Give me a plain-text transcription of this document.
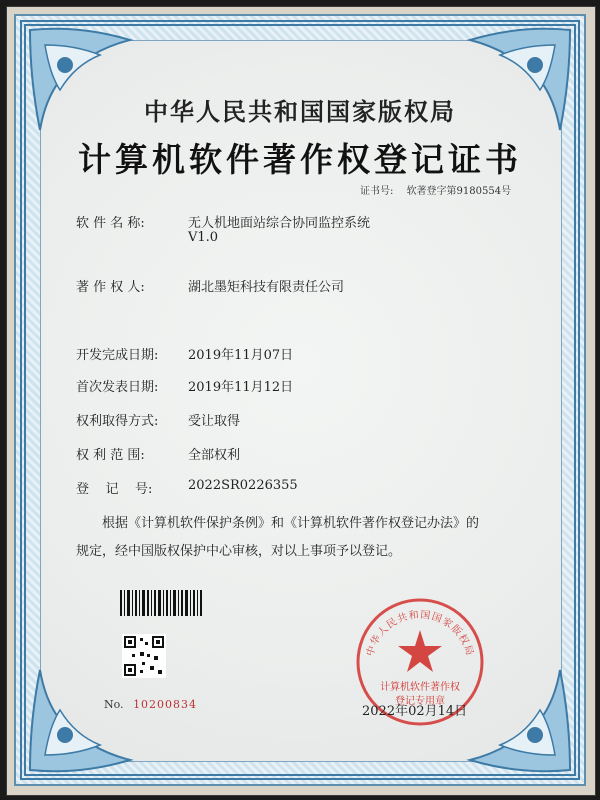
中华人民共和国国家版权局
计算机软件著作权登记证书
证书号: 软著登字第9180554号
软 件 名 称:	无人机地面站综合协同监控系统
V1.0
著 作 权 人:	湖北墨矩科技有限责任公司
开发完成日期: 2019年11月07日
首次发表日期: 2019年11月12日
权利取得方式: 受让取得
权 利 范 围:	全部权利
登    记    号:	2022SR0226355
根据《计算机软件保护条例》和《计算机软件著作权登记办法》的
规定，经中国版权保护中心审核，对以上事项予以登记。
No. 10200834
中华人民共和国国家版权局
计算机软件著作权
登记专用章
2022年02月14日
